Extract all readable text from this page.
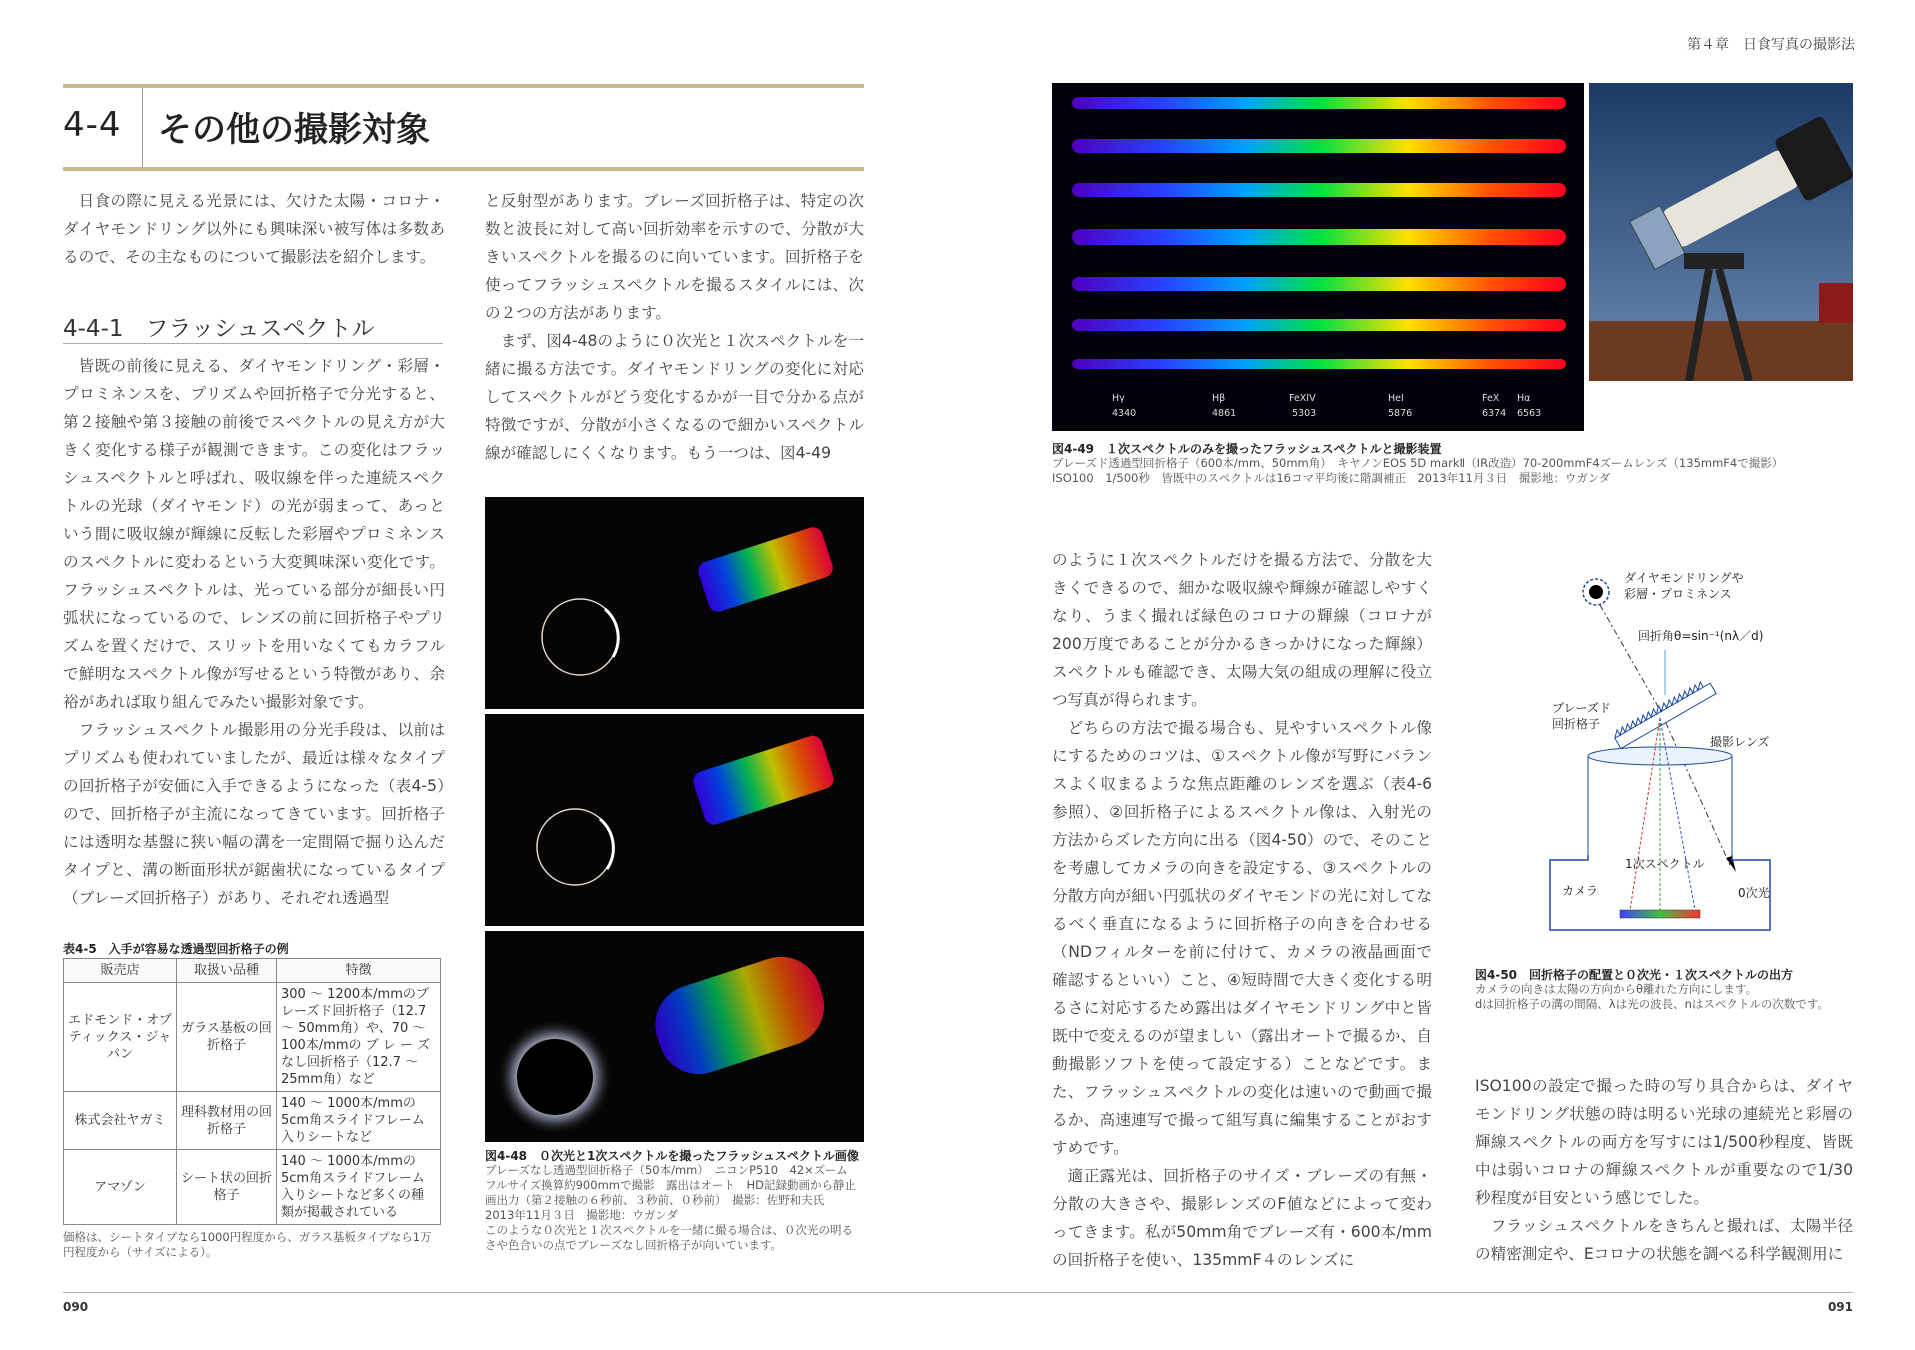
第４章　日食写真の撮影法
4-4 その他の撮影対象

日食の際に見える光景には、欠けた太陽・コロナ・ダイヤモンドリング以外にも興味深い被写体は多数あるので、その主なものについて撮影法を紹介します。

4-4-1 フラッシュスペクトル

皆既の前後に見える、ダイヤモンドリング・彩層・プロミネンスを、プリズムや回折格子で分光すると、第２接触や第３接触の前後でスペクトルの見え方が大きく変化する様子が観測できます。この変化はフラッシュスペクトルと呼ばれ、吸収線を伴った連続スペクトルの光球（ダイヤモンド）の光が弱まって、あっという間に吸収線が輝線に反転した彩層やプロミネンスのスペクトルに変わるという大変興味深い変化です。フラッシュスペクトルは、光っている部分が細長い円弧状になっているので、レンズの前に回折格子やプリズムを置くだけで、スリットを用いなくてもカラフルで鮮明なスペクトル像が写せるという特徴があり、余裕があれば取り組んでみたい撮影対象です。

フラッシュスペクトル撮影用の分光手段は、以前はプリズムも使われていましたが、最近は様々なタイプの回折格子が安価に入手できるようになった（表4-5）ので、回折格子が主流になってきています。回折格子には透明な基盤に狭い幅の溝を一定間隔で掘り込んだタイプと、溝の断面形状が鋸歯状になっているタイプ（ブレーズ回折格子）があり、それぞれ透過型

表4-5　入手が容易な透過型回折格子の例
販売店	取扱い品種	特徴
エドモンド・オプティックス・ジャパン	ガラス基板の回折格子	300 ～ 1200本/mmのブレーズド回折格子（12.7 ～ 50mm角）や、70 ～ 100本/mmの ブ レ ー ズ なし回折格子（12.7 ～ 25mm角）など
株式会社ヤガミ	理科教材用の回折格子	140 ～ 1000本/mmの5cm角スライドフレーム入りシートなど
アマゾン	シート状の回折格子	140 ～ 1000本/mmの5cm角スライドフレーム入りシートなど多くの種類が掲載されている
価格は、シートタイプなら1000円程度から、ガラス基板タイプなら1万円程度から（サイズによる）。

と反射型があります。ブレーズ回折格子は、特定の次数と波長に対して高い回折効率を示すので、分散が大きいスペクトルを撮るのに向いています。回折格子を使ってフラッシュスペクトルを撮るスタイルには、次の２つの方法があります。

まず、図4-48のように０次光と１次スペクトルを一緒に撮る方法です。ダイヤモンドリングの変化に対応してスペクトルがどう変化するかが一目で分かる点が特徴ですが、分散が小さくなるので細かいスペクトル線が確認しにくくなります。もう一つは、図4-49

図4-48　０次光と1次スペクトルを撮ったフラッシュスペクトル画像
ブレーズなし透過型回折格子（50本/mm）　ニコンP510　42×ズーム　フルサイズ換算約900mmで撮影　露出はオート　HD記録動画から静止画出力（第２接触の６秒前、３秒前、０秒前）　撮影：佐野和夫氏　2013年11月３日　撮影地：ウガンダ
このような０次光と１次スペクトルを一緒に撮る場合は、０次光の明るさや色合いの点でブレーズなし回折格子が向いています。
Hγ
4340
Hβ
4861
FeXIV
5303
HeⅠ
5876
FeX
6374
Hα
6563
図4-49　１次スペクトルのみを撮ったフラッシュスペクトルと撮影装置
ブレーズド透過型回折格子（600本/mm、50mm角）　キヤノンEOS 5D markⅡ（IR改造）70-200mmF4ズームレンズ（135mmF4で撮影）
ISO100　1/500秒　皆既中のスペクトルは16コマ平均後に階調補正　2013年11月３日　撮影地：ウガンダ

のように１次スペクトルだけを撮る方法で、分散を大きくできるので、細かな吸収線や輝線が確認しやすくなり、うまく撮れば緑色のコロナの輝線（コロナが200万度であることが分かるきっかけになった輝線）スペクトルも確認でき、太陽大気の組成の理解に役立つ写真が得られます。

どちらの方法で撮る場合も、見やすいスペクトル像にするためのコツは、①スペクトル像が写野にバランスよく収まるような焦点距離のレンズを選ぶ（表4-6参照）、②回折格子によるスペクトル像は、入射光の方法からズレた方向に出る（図4-50）ので、そのことを考慮してカメラの向きを設定する、③スペクトルの分散方向が細い円弧状のダイヤモンドの光に対してなるべく垂直になるように回折格子の向きを合わせる（NDフィルターを前に付けて、カメラの液晶画面で確認するといい）こと、④短時間で大きく変化する明るさに対応するため露出はダイヤモンドリング中と皆既中で変えるのが望ましい（露出オートで撮るか、自動撮影ソフトを使って設定する）ことなどです。また、フラッシュスペクトルの変化は速いので動画で撮るか、高速連写で撮って組写真に編集することがおすすめです。

適正露光は、回折格子のサイズ・ブレーズの有無・分散の大きさや、撮影レンズのF値などによって変わってきます。私が50mm角でブレーズ有・600本/mmの回折格子を使い、135mmF４のレンズに

ダイヤモンドリングや
彩層・プロミネンス
回折角θ=sin⁻¹(nλ／d)
ブレーズド
回折格子
撮影レンズ
1次スペクトル
0次光
カメラ
図4-50　回折格子の配置と０次光・１次スペクトルの出方
カメラの向きは太陽の方向からθ離れた方向にします。
dは回折格子の溝の間隔、λは光の波長、nはスペクトルの次数です。

ISO100の設定で撮った時の写り具合からは、ダイヤモンドリング状態の時は明るい光球の連続光と彩層の輝線スペクトルの両方を写すには1/500秒程度、皆既中は弱いコロナの輝線スペクトルが重要なので1/30秒程度が目安という感じでした。

フラッシュスペクトルをきちんと撮れば、太陽半径の精密測定や、Eコロナの状態を調べる科学観測用に

090	091
